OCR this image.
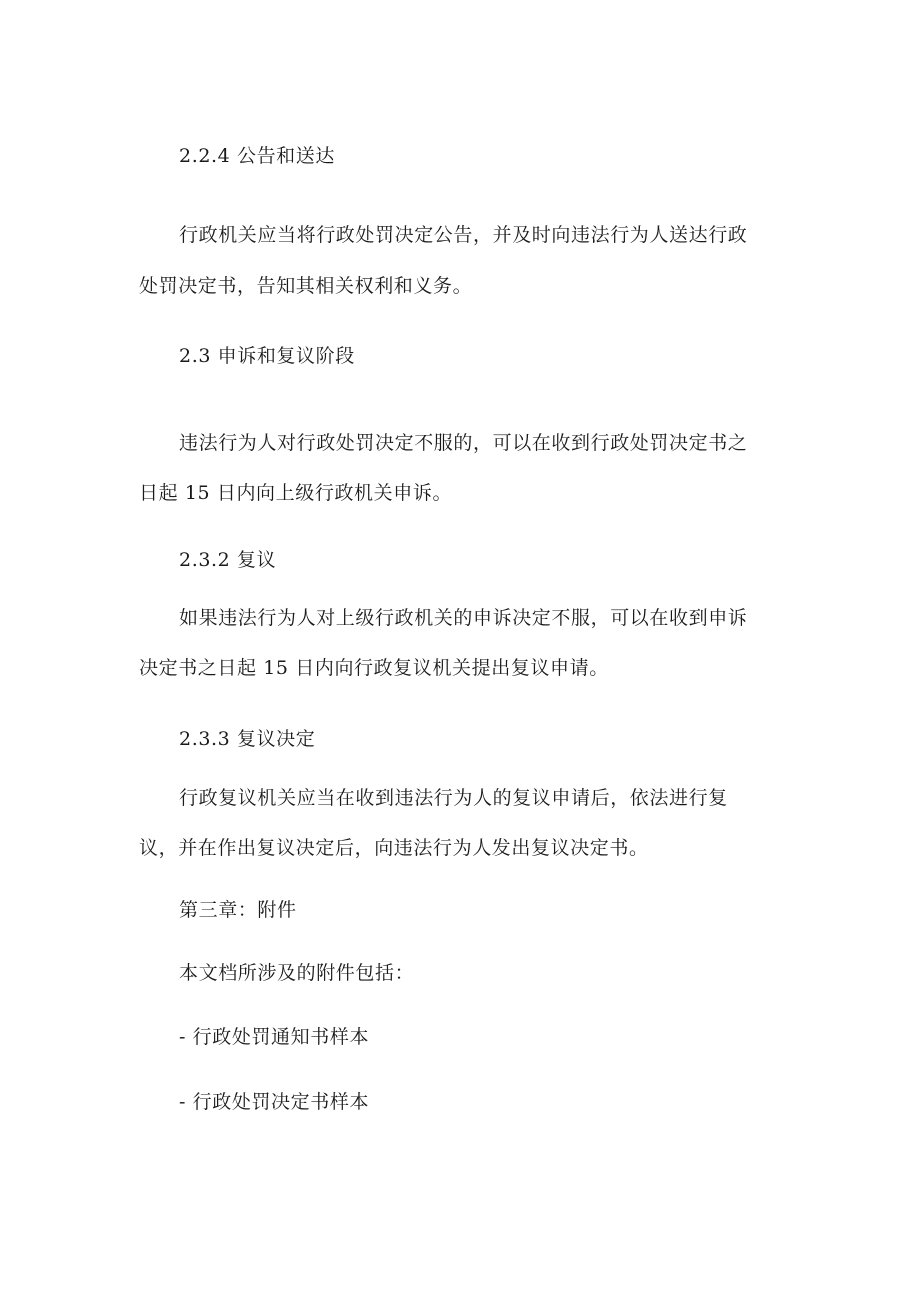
2.2.4 公告和送达
行政机关应当将行政处罚决定公告，并及时向违法行为人送达行政
处罚决定书，告知其相关权利和义务。
2.3 申诉和复议阶段
违法行为人对行政处罚决定不服的，可以在收到行政处罚决定书之
日起 15 日内向上级行政机关申诉。
2.3.2 复议
如果违法行为人对上级行政机关的申诉决定不服，可以在收到申诉
决定书之日起 15 日内向行政复议机关提出复议申请。
2.3.3 复议决定
行政复议机关应当在收到违法行为人的复议申请后，依法进行复
议，并在作出复议决定后，向违法行为人发出复议决定书。
第三章：附件
本文档所涉及的附件包括：
- 行政处罚通知书样本
- 行政处罚决定书样本
